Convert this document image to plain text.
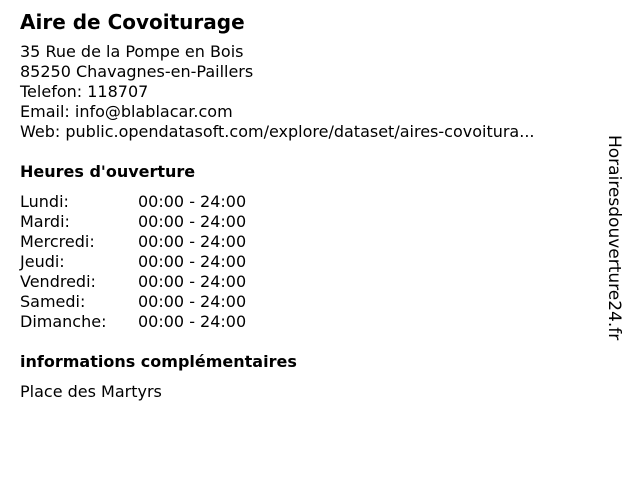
Aire de Covoiturage
35 Rue de la Pompe en Bois
85250 Chavagnes-en-Paillers
Telefon: 118707
Email: info@blablacar.com
Web: public.opendatasoft.com/explore/dataset/aires-covoitura...
Heures d'ouverture
Lundi:	00:00 - 24:00
Mardi:	00:00 - 24:00
Mercredi:	00:00 - 24:00
Jeudi:	00:00 - 24:00
Vendredi:	00:00 - 24:00
Samedi:	00:00 - 24:00
Dimanche:	00:00 - 24:00
informations complémentaires
Place des Martyrs
Horairesdouverture24.fr
